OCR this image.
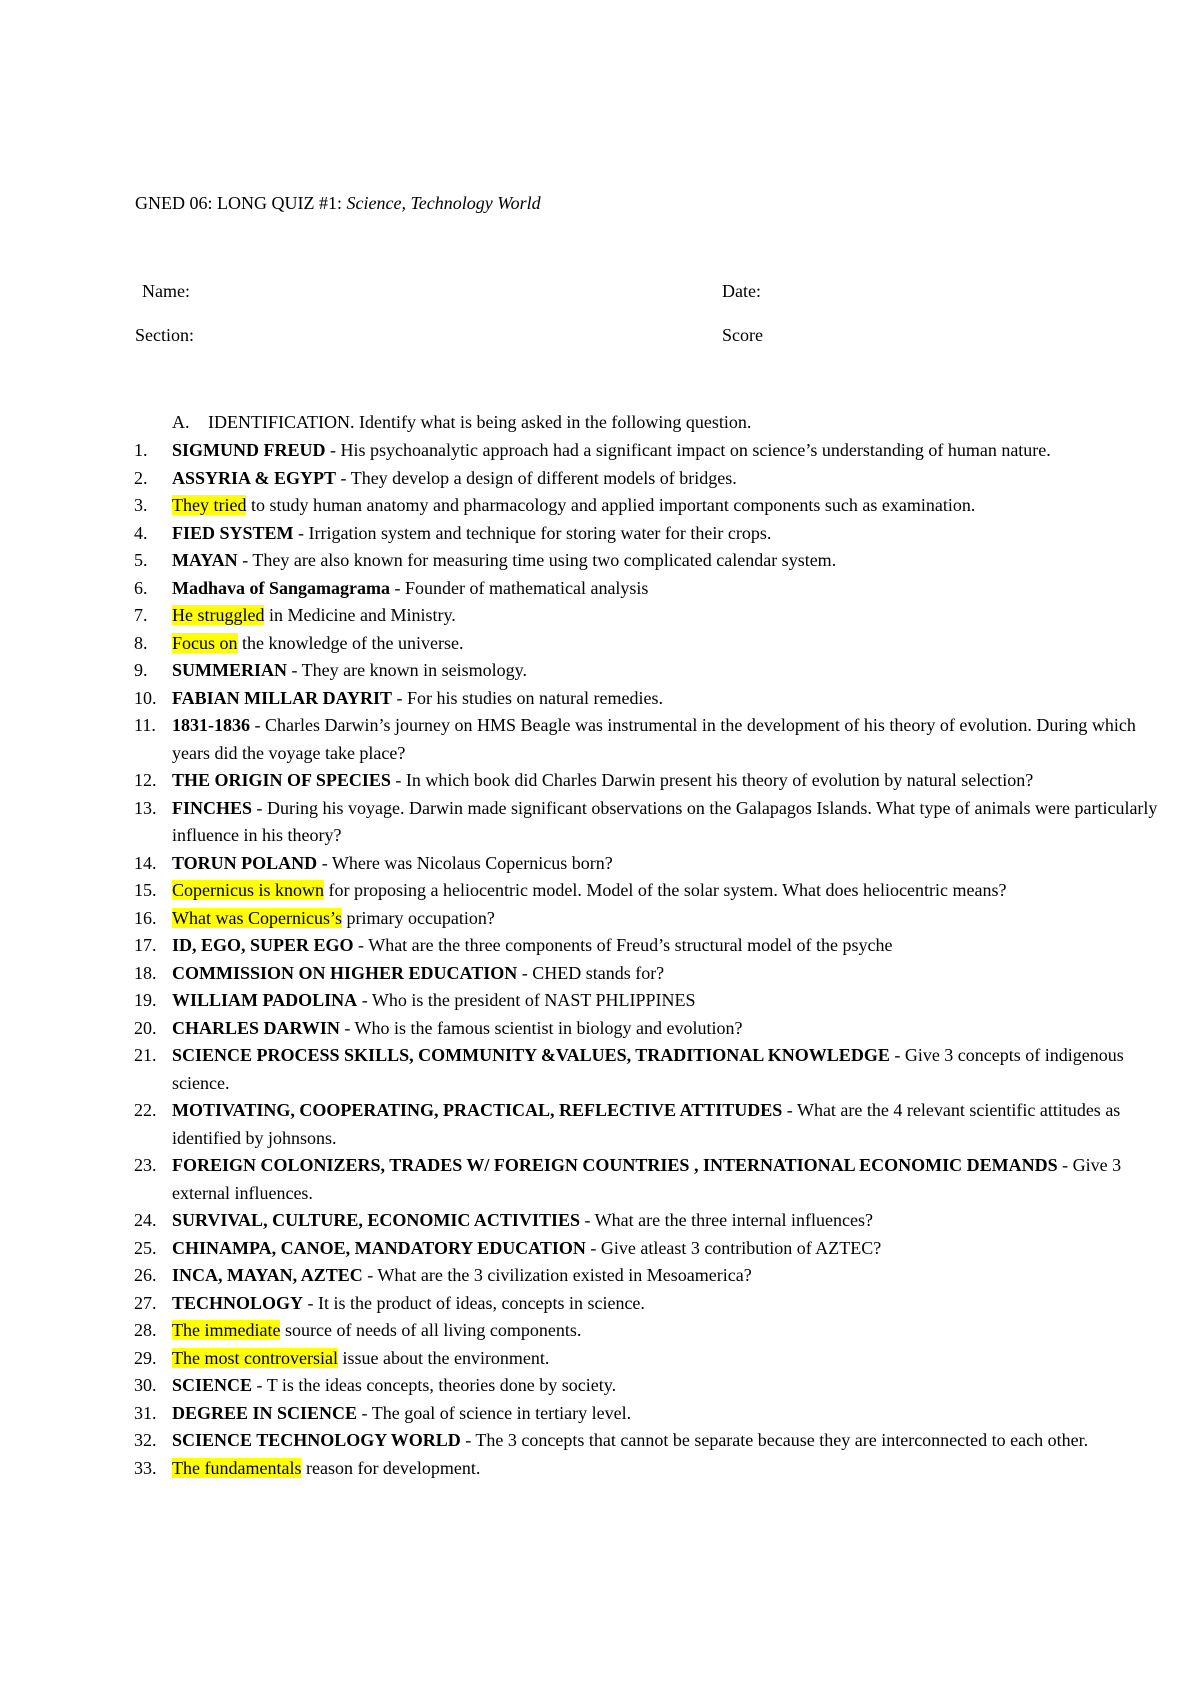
GNED 06: LONG QUIZ #1: Science, Technology World
Name:	Date:
Section:	Score
A. IDENTIFICATION. Identify what is being asked in the following question.
1.	SIGMUND FREUD - His psychoanalytic approach had a significant impact on science’s understanding of human nature.
2.	ASSYRIA & EGYPT - They develop a design of different models of bridges.
3.	They tried to study human anatomy and pharmacology and applied important components such as examination.
4.	FIED SYSTEM - Irrigation system and technique for storing water for their crops.
5.	MAYAN - They are also known for measuring time using two complicated calendar system.
6.	Madhava of Sangamagrama - Founder of mathematical analysis
7.	He struggled in Medicine and Ministry.
8.	Focus on the knowledge of the universe.
9.	SUMMERIAN - They are known in seismology.
10. FABIAN MILLAR DAYRIT - For his studies on natural remedies.
11. 1831-1836 - Charles Darwin’s journey on HMS Beagle was instrumental in the development of his theory of evolution. During which years did the voyage take place?
12. THE ORIGIN OF SPECIES - In which book did Charles Darwin present his theory of evolution by natural selection?
13. FINCHES - During his voyage. Darwin made significant observations on the Galapagos Islands. What type of animals were particularly influence in his theory?
14. TORUN POLAND - Where was Nicolaus Copernicus born?
15. Copernicus is known for proposing a heliocentric model. Model of the solar system. What does heliocentric means?
16. What was Copernicus’s primary occupation?
17. ID, EGO, SUPER EGO - What are the three components of Freud’s structural model of the psyche
18. COMMISSION ON HIGHER EDUCATION - CHED stands for?
19. WILLIAM PADOLINA - Who is the president of NAST PHLIPPINES
20. CHARLES DARWIN - Who is the famous scientist in biology and evolution?
21. SCIENCE PROCESS SKILLS, COMMUNITY &VALUES, TRADITIONAL KNOWLEDGE - Give 3 concepts of indigenous science.
22. MOTIVATING, COOPERATING, PRACTICAL, REFLECTIVE ATTITUDES - What are the 4 relevant scientific attitudes as identified by johnsons.
23. FOREIGN COLONIZERS, TRADES W/ FOREIGN COUNTRIES , INTERNATIONAL ECONOMIC DEMANDS - Give 3 external influences.
24. SURVIVAL, CULTURE, ECONOMIC ACTIVITIES - What are the three internal influences?
25. CHINAMPA, CANOE, MANDATORY EDUCATION - Give atleast 3 contribution of AZTEC?
26. INCA, MAYAN, AZTEC - What are the 3 civilization existed in Mesoamerica?
27. TECHNOLOGY - It is the product of ideas, concepts in science.
28. The immediate source of needs of all living components.
29. The most controversial issue about the environment.
30. SCIENCE - T is the ideas concepts, theories done by society.
31. DEGREE IN SCIENCE - The goal of science in tertiary level.
32. SCIENCE TECHNOLOGY WORLD - The 3 concepts that cannot be separate because they are interconnected to each other.
33. The fundamentals reason for development.
